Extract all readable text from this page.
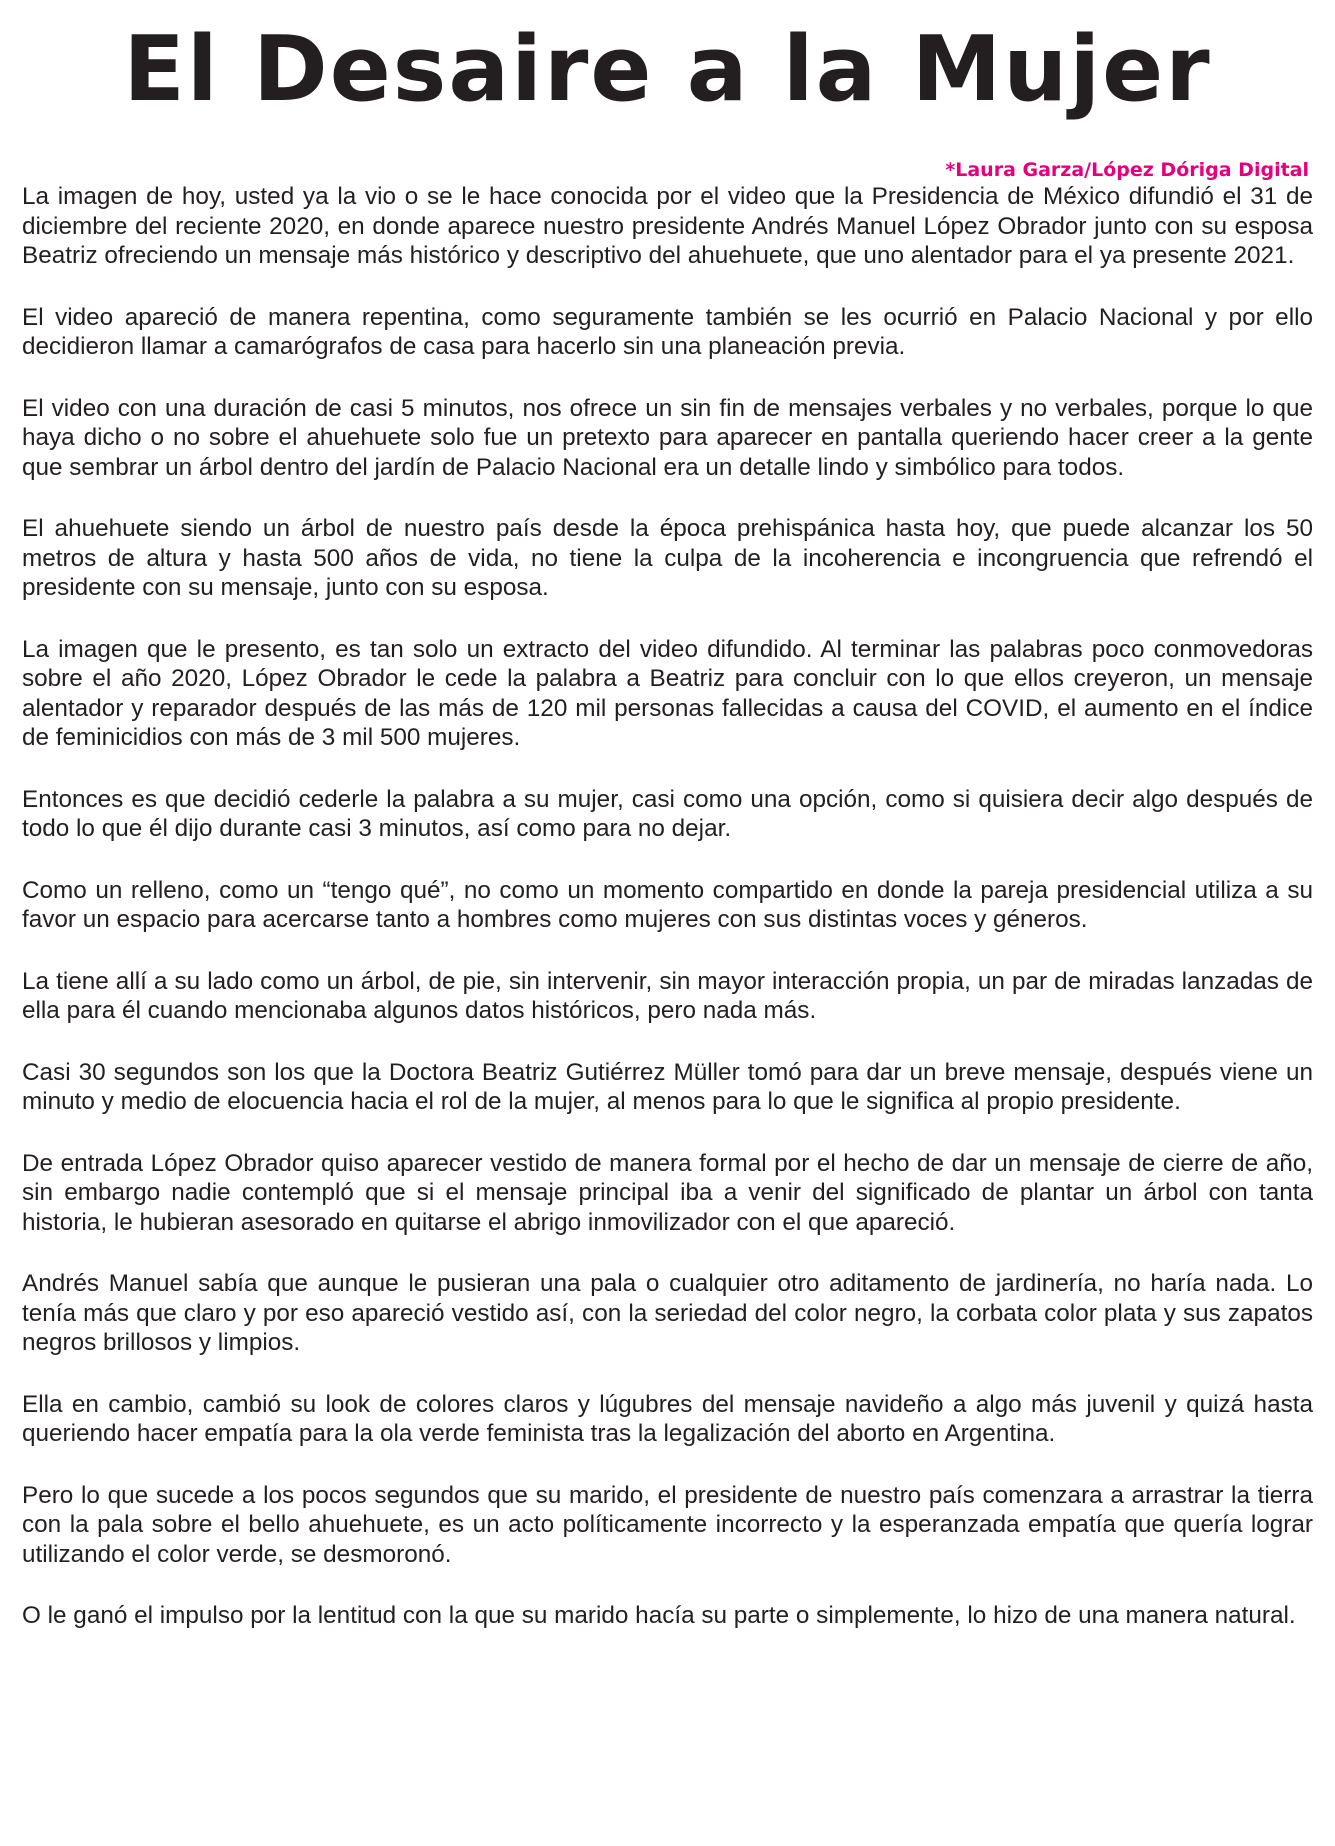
El Desaire a la Mujer
*Laura Garza/López Dóriga Digital

La imagen de hoy, usted ya la vio o se le hace conocida por el video que la Presidencia de México difundió el 31 de diciembre del reciente 2020, en donde aparece nuestro presidente Andrés Manuel López Obrador junto con su esposa Beatriz ofreciendo un mensaje más histórico y descriptivo del ahuehuete, que uno alentador para el ya presente 2021.

El video apareció de manera repentina, como seguramente también se les ocurrió en Palacio Nacional y por ello decidieron llamar a camarógrafos de casa para hacerlo sin una planeación previa.

El video con una duración de casi 5 minutos, nos ofrece un sin fin de mensajes verbales y no verbales, porque lo que haya dicho o no sobre el ahuehuete solo fue un pretexto para aparecer en pantalla queriendo hacer creer a la gente que sembrar un árbol dentro del jardín de Palacio Nacional era un detalle lindo y simbólico para todos.

El ahuehuete siendo un árbol de nuestro país desde la época prehispánica hasta hoy, que puede alcanzar los 50 metros de altura y hasta 500 años de vida, no tiene la culpa de la incoherencia e incongruencia que refrendó el presidente con su mensaje, junto con su esposa.

La imagen que le presento, es tan solo un extracto del video difundido. Al terminar las palabras poco conmovedoras sobre el año 2020, López Obrador le cede la palabra a Beatriz para concluir con lo que ellos creyeron, un mensaje alentador y reparador después de las más de 120 mil personas fallecidas a causa del COVID, el aumento en el índice de feminicidios con más de 3 mil 500 mujeres.

Entonces es que decidió cederle la palabra a su mujer, casi como una opción, como si quisiera decir algo después de todo lo que él dijo durante casi 3 minutos, así como para no dejar.

Como un relleno, como un “tengo qué”, no como un momento compartido en donde la pareja presidencial utiliza a su favor un espacio para acercarse tanto a hombres como mujeres con sus distintas voces y géneros.

La tiene allí a su lado como un árbol, de pie, sin intervenir, sin mayor interacción propia, un par de miradas lanzadas de ella para él cuando mencionaba algunos datos históricos, pero nada más.

Casi 30 segundos son los que la Doctora Beatriz Gutiérrez Müller tomó para dar un breve mensaje, después viene un minuto y medio de elocuencia hacia el rol de la mujer, al menos para lo que le significa al propio presidente.

De entrada López Obrador quiso aparecer vestido de manera formal por el hecho de dar un mensaje de cierre de año, sin embargo nadie contempló que si el mensaje principal iba a venir del significado de plantar un árbol con tanta historia, le hubieran asesorado en quitarse el abrigo inmovilizador con el que apareció.

Andrés Manuel sabía que aunque le pusieran una pala o cualquier otro aditamento de jardinería, no haría nada. Lo tenía más que claro y por eso apareció vestido así, con la seriedad del color negro, la corbata color plata y sus zapatos negros brillosos y limpios.

Ella en cambio, cambió su look de colores claros y lúgubres del mensaje navideño a algo más juvenil y quizá hasta queriendo hacer empatía para la ola verde feminista tras la legalización del aborto en Argentina.

Pero lo que sucede a los pocos segundos que su marido, el presidente de nuestro país comenzara a arrastrar la tierra con la pala sobre el bello ahuehuete, es un acto políticamente incorrecto y la esperanzada empatía que quería lograr utilizando el color verde, se desmoronó.

O le ganó el impulso por la lentitud con la que su marido hacía su parte o simplemente, lo hizo de una manera natural.
